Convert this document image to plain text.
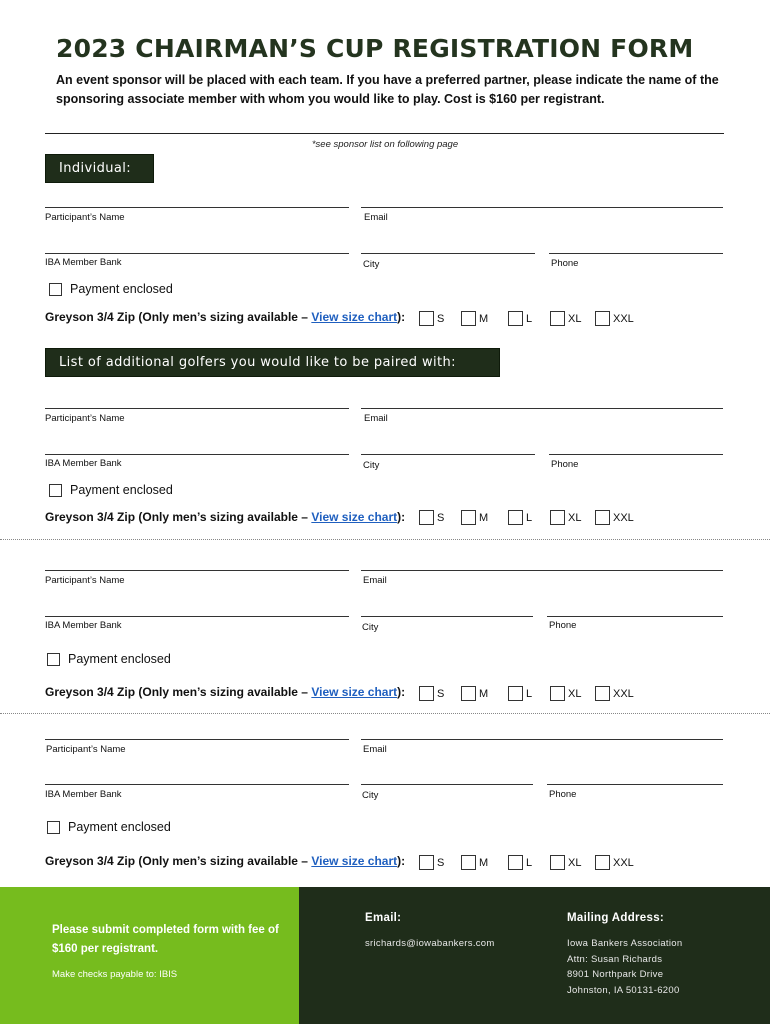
2023 CHAIRMAN’S CUP REGISTRATION FORM
An event sponsor will be placed with each team. If you have a preferred partner, please indicate the name of the sponsoring associate member with whom you would like to play. Cost is $160 per registrant.
*see sponsor list on following page
Individual:
List of additional golfers you would like to be paired with:
Participant’s Name	Email
IBA Member Bank	City	Phone
Payment enclosed
Greyson 3/4 Zip (Only men’s sizing available – View size chart):	S	M	L	XL	XXL
Participant’s Name	Email
IBA Member Bank	City	Phone
Payment enclosed
Greyson 3/4 Zip (Only men’s sizing available – View size chart):	S	M	L	XL	XXL
Participant’s Name	Email
IBA Member Bank	City	Phone
Payment enclosed
Greyson 3/4 Zip (Only men’s sizing available – View size chart):	S	M	L	XL	XXL
Participant’s Name	Email
IBA Member Bank	City	Phone
Payment enclosed
Greyson 3/4 Zip (Only men’s sizing available – View size chart):	S	M	L	XL	XXL
Please submit completed form with fee of $160 per registrant.
Make checks payable to: IBIS
Email:
srichards@iowabankers.com
Mailing Address:
Iowa Bankers Association
Attn: Susan Richards
8901 Northpark Drive
Johnston, IA 50131-6200
